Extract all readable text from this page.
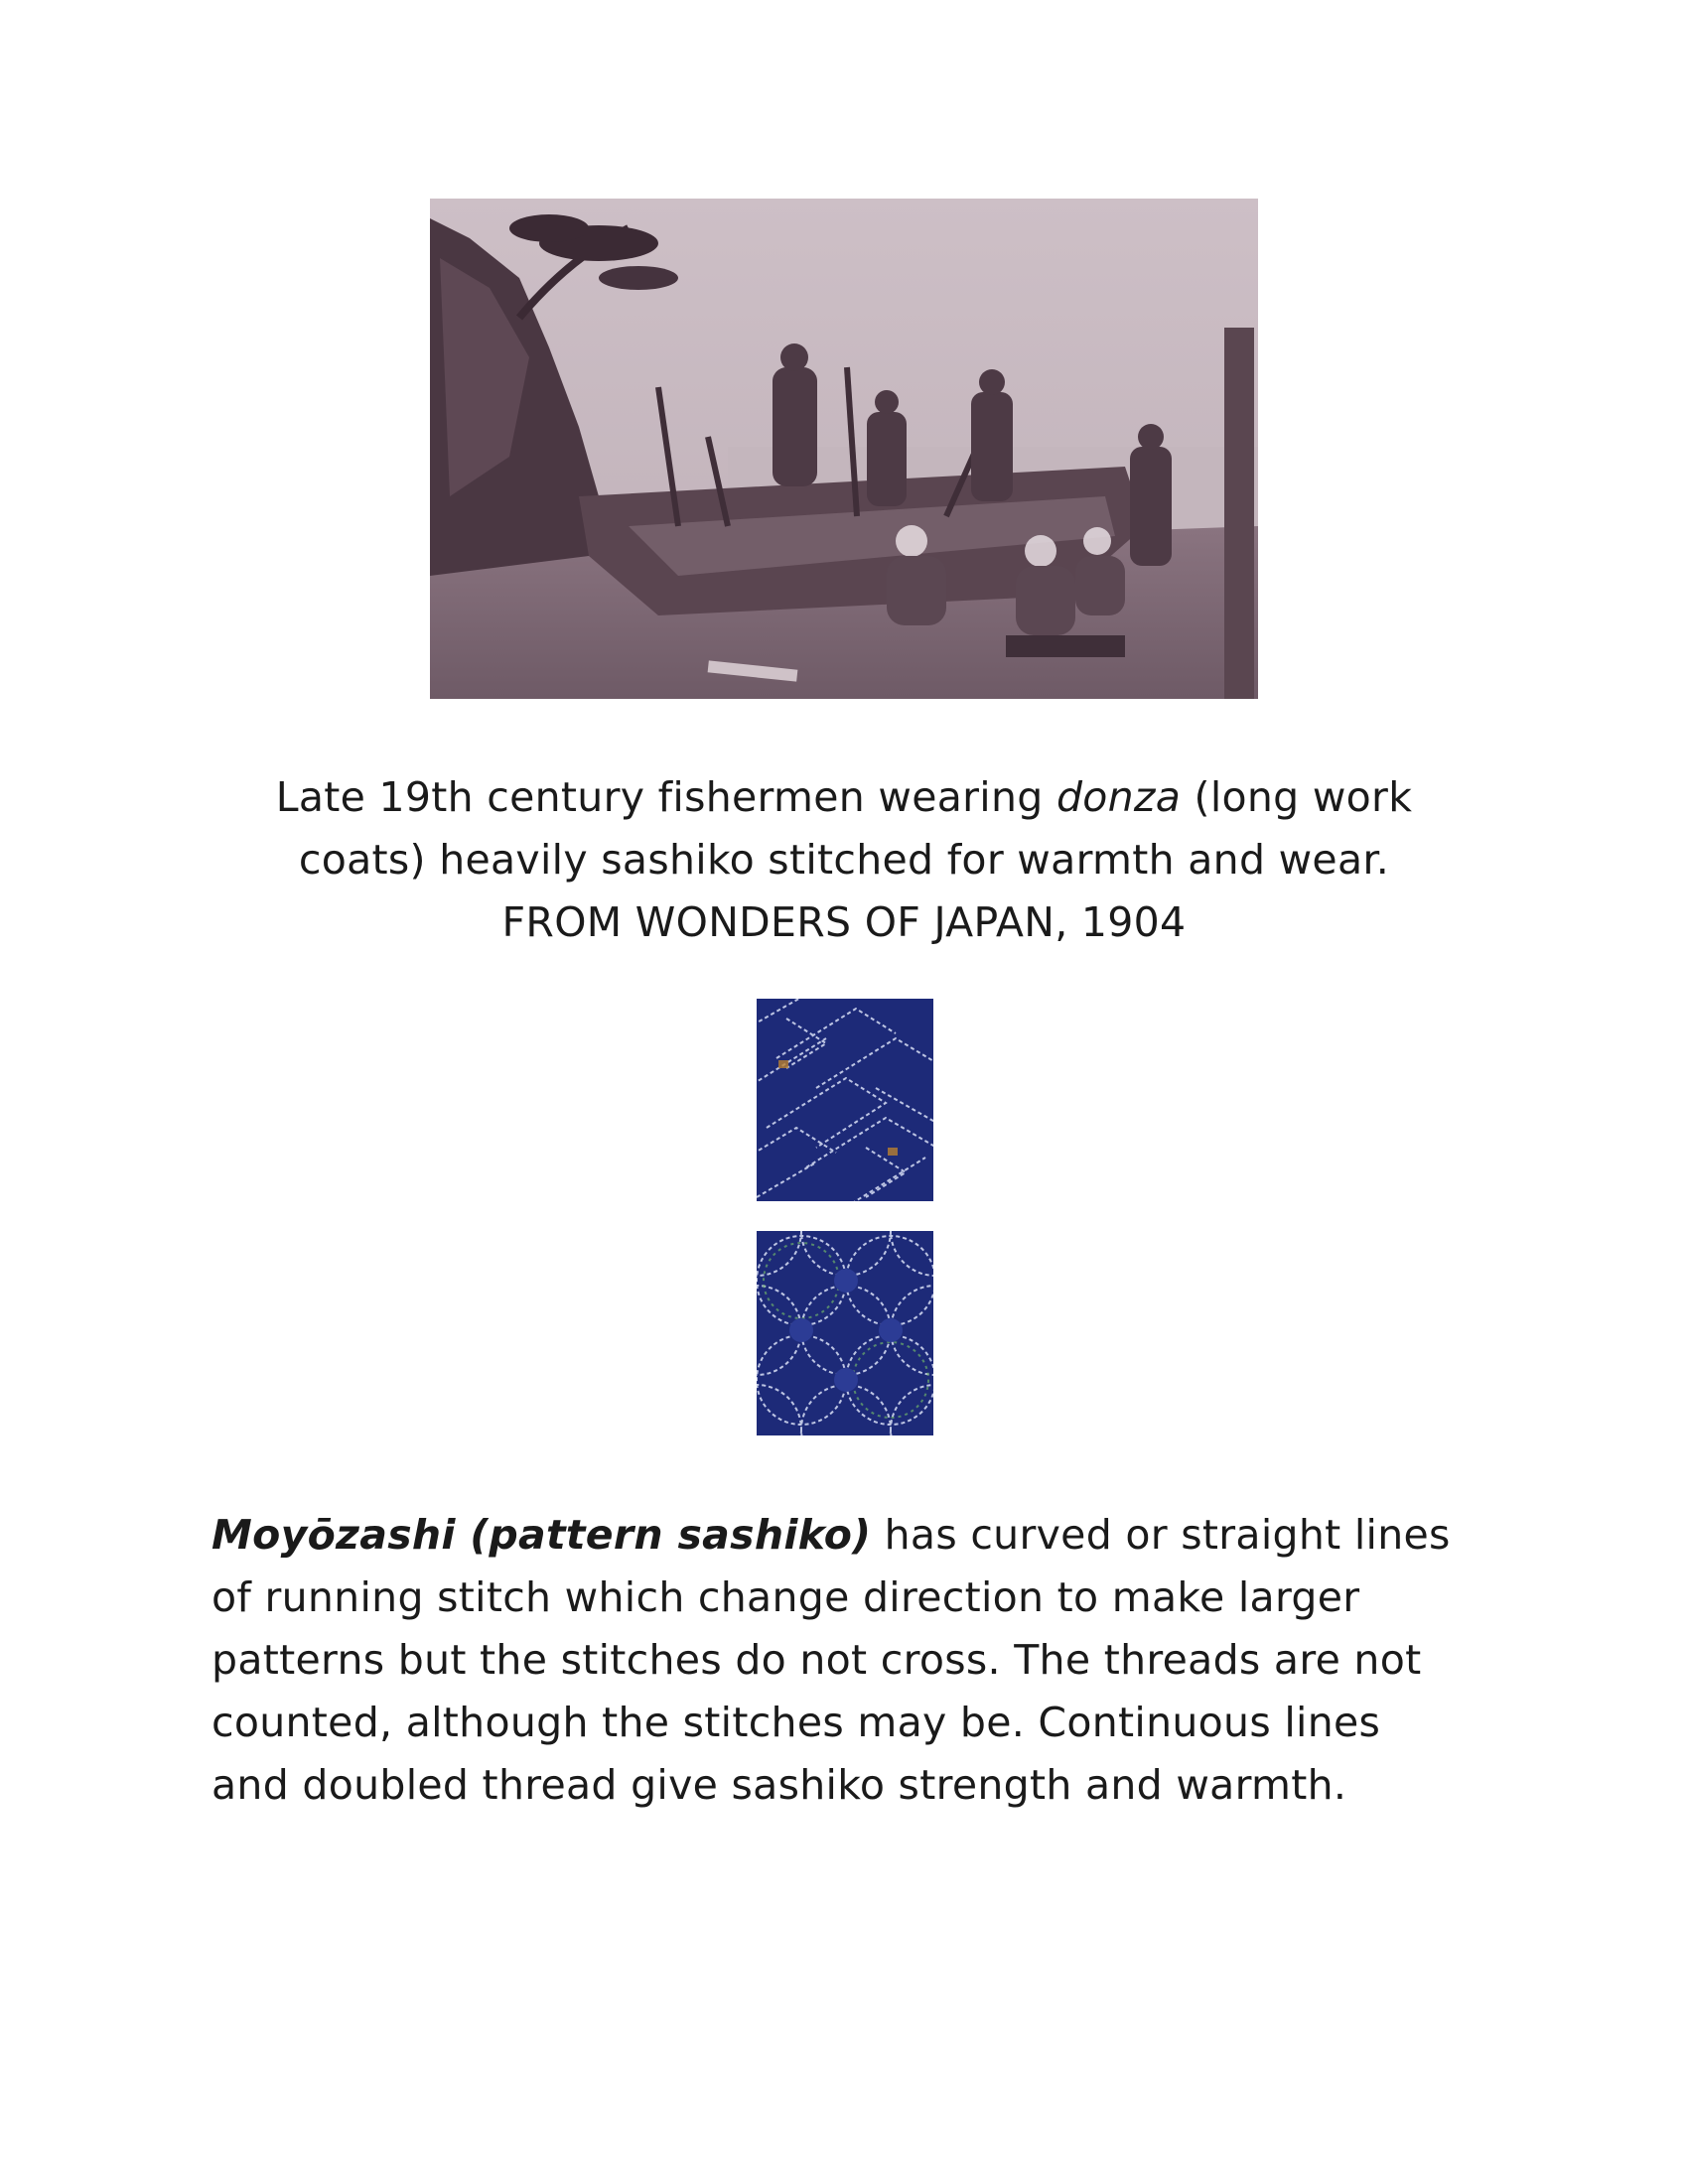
Late 19th century fishermen wearing donza (long work
coats) heavily sashiko stitched for warmth and wear.
FROM WONDERS OF JAPAN, 1904
Moyōzashi (pattern sashiko) has curved or straight lines
of running stitch which change direction to make larger
patterns but the stitches do not cross. The threads are not
counted, although the stitches may be. Continuous lines
and doubled thread give sashiko strength and warmth.
